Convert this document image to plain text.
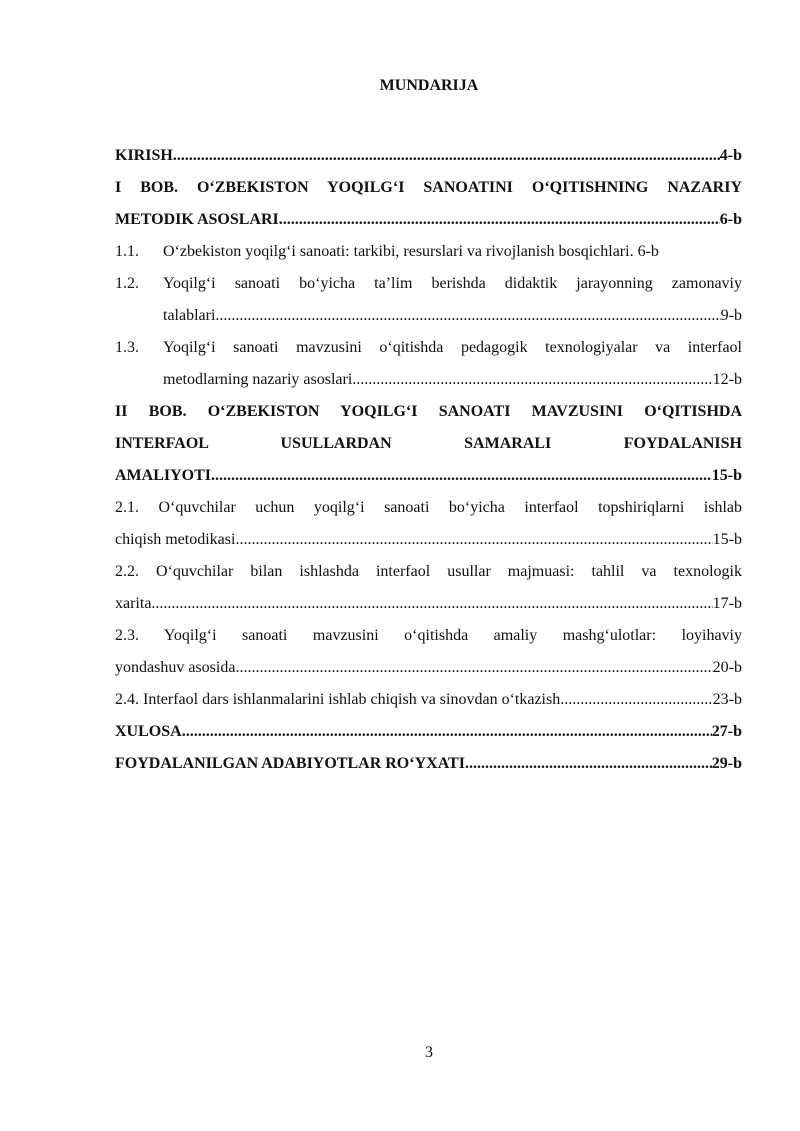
MUNDARIJA
KIRISH .....	4-b
I BOB. O‘ZBEKISTON YOQILG‘I SANOATINI O‘QITISHNING NAZARIY
METODIK ASOSLARI .....	6-b
1.1. O‘zbekiston yoqilg‘i sanoati: tarkibi, resurslari va rivojlanish bosqichlari. 6-b
1.2. Yoqilg‘i sanoati bo‘yicha ta’lim berishda didaktik jarayonning zamonaviy
talablari .....	9-b
1.3. Yoqilg‘i sanoati mavzusini o‘qitishda pedagogik texnologiyalar va interfaol
metodlarning nazariy asoslari .....	12-b
II BOB. O‘ZBEKISTON YOQILG‘I SANOATI MAVZUSINI O‘QITISHDA
INTERFAOL USULLARDAN SAMARALI FOYDALANISH
AMALIYOTI .....	15-b
2.1. O‘quvchilar uchun yoqilg‘i sanoati bo‘yicha interfaol topshiriqlarni ishlab
chiqish metodikasi .....	15-b
2.2. O‘quvchilar bilan ishlashda interfaol usullar majmuasi: tahlil va texnologik
xarita .....	17-b
2.3. Yoqilg‘i sanoati mavzusini o‘qitishda amaliy mashg‘ulotlar: loyihaviy
yondashuv asosida .....	20-b
2.4. Interfaol dars ishlanmalarini ishlab chiqish va sinovdan o‘tkazish .....	23-b
XULOSA .....	27-b
FOYDALANILGAN ADABIYOTLAR RO‘YXATI .....	29-b
3
